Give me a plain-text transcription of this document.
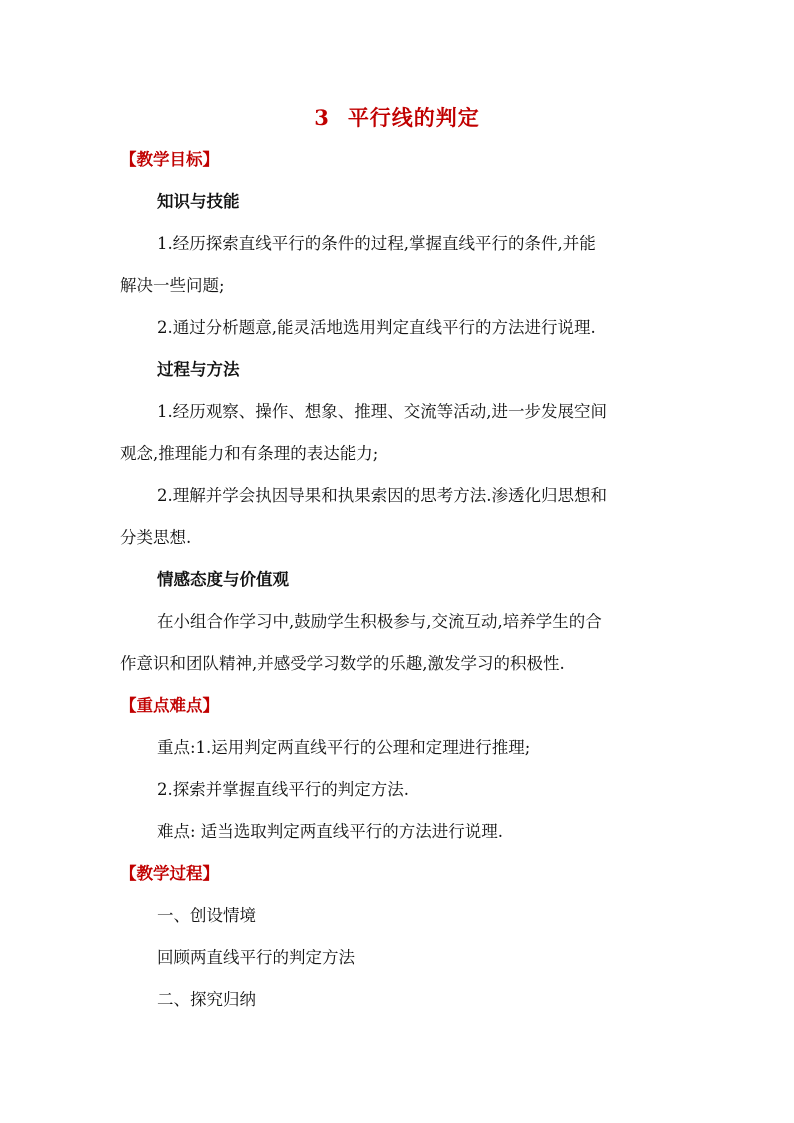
3 平行线的判定
【教学目标】
知识与技能
1.经历探索直线平行的条件的过程,掌握直线平行的条件,并能
解决一些问题;
2.通过分析题意,能灵活地选用判定直线平行的方法进行说理.
过程与方法
1.经历观察、操作、想象、推理、交流等活动,进一步发展空间
观念,推理能力和有条理的表达能力;
2.理解并学会执因导果和执果索因的思考方法.渗透化归思想和
分类思想.
情感态度与价值观
在小组合作学习中,鼓励学生积极参与,交流互动,培养学生的合
作意识和团队精神,并感受学习数学的乐趣,激发学习的积极性.
【重点难点】
重点:1.运用判定两直线平行的公理和定理进行推理;
2.探索并掌握直线平行的判定方法.
难点: 适当选取判定两直线平行的方法进行说理.
【教学过程】
一、创设情境
回顾两直线平行的判定方法
二、探究归纳
